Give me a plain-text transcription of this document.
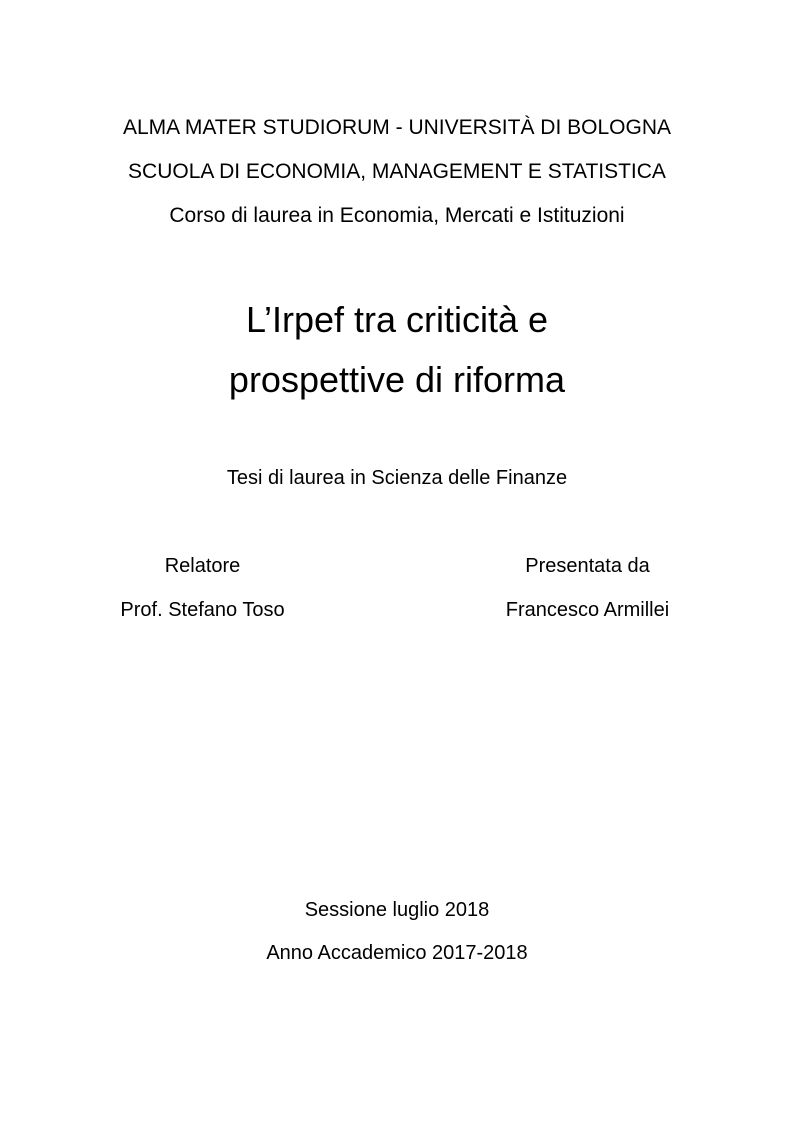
ALMA MATER STUDIORUM - UNIVERSITÀ DI BOLOGNA
SCUOLA DI ECONOMIA, MANAGEMENT E STATISTICA
Corso di laurea in Economia, Mercati e Istituzioni
L’Irpef tra criticità e
prospettive di riforma
Tesi di laurea in Scienza delle Finanze
Relatore
Prof. Stefano Toso
Presentata da
Francesco Armillei
Sessione luglio 2018
Anno Accademico 2017-2018
